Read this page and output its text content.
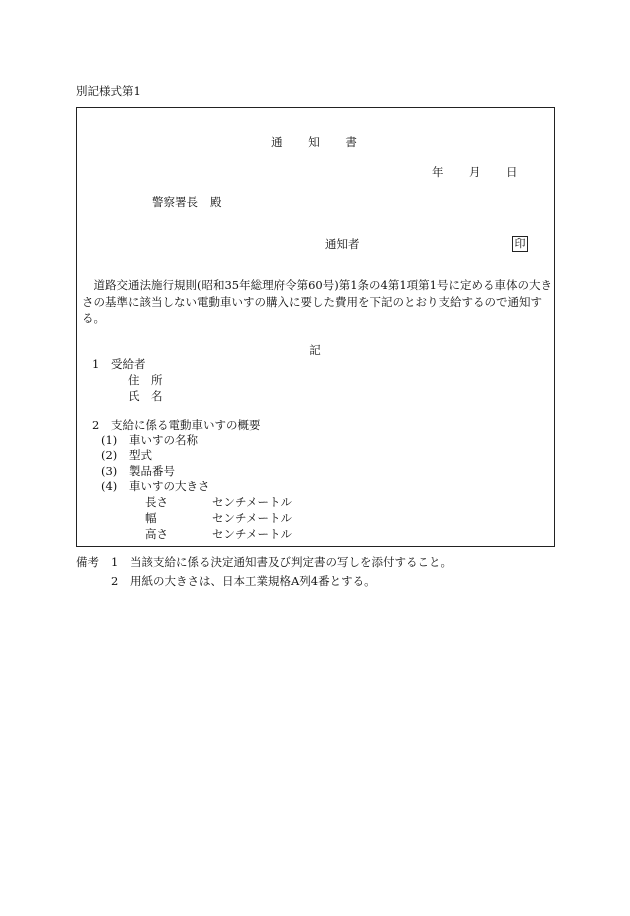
別記様式第1
通 知 書
年 月 日
警察署長 殿
通知者	印
道路交通法施行規則(昭和35年総理府令第60号)第1条の4第1項第1号に定める車体の大きさの基準に該当しない電動車いすの購入に要した費用を下記のとおり支給するので通知する。
記
1 受給者
住　所
氏　名
2 支給に係る電動車いすの概要
(1) 車いすの名称
(2) 型式
(3) 製品番号
(4) 車いすの大きさ
長さ	センチメートル
幅	センチメートル
高さ	センチメートル
備考 1 当該支給に係る決定通知書及び判定書の写しを添付すること。
2 用紙の大きさは、日本工業規格A列4番とする。
